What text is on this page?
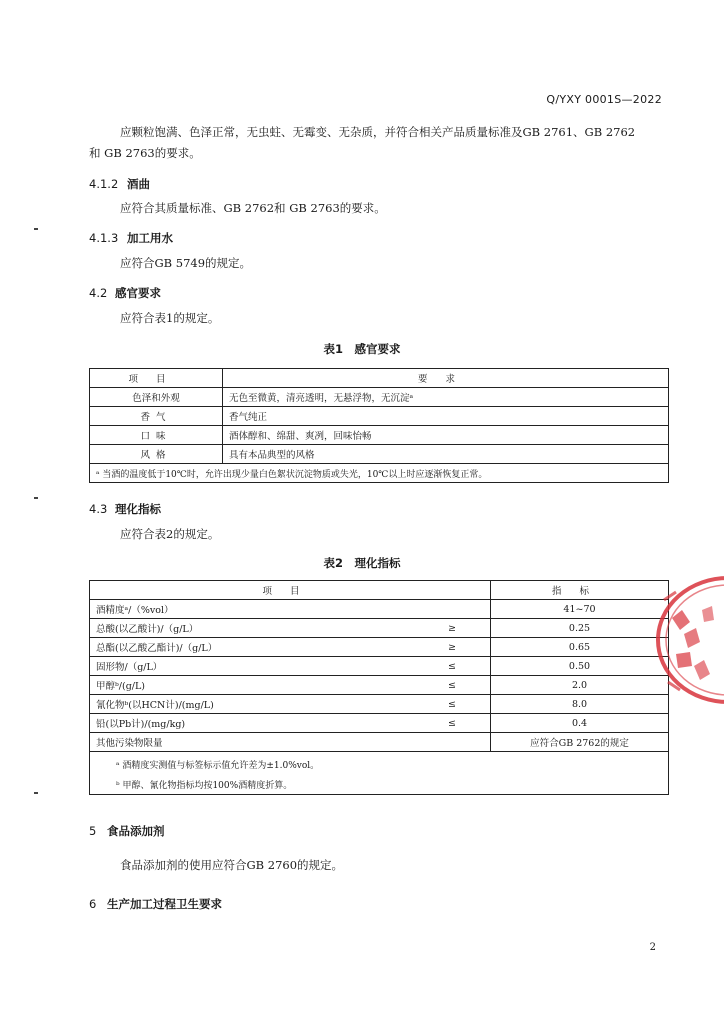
Q/YXY 0001S—2022
应颗粒饱满、色泽正常，无虫蛀、无霉变、无杂质，并符合相关产品质量标准及GB 2761、GB 2762
和 GB 2763的要求。
4.1.2 酒曲
应符合其质量标准、GB 2762和 GB 2763的要求。
4.1.3 加工用水
应符合GB 5749的规定。
4.2 感官要求
应符合表1的规定。
表1　感官要求
项目	要求
色泽和外观	无色至微黄，清亮透明，无悬浮物，无沉淀ᵃ
香气	香气纯正
口味	酒体醇和、绵甜、爽冽，回味怡畅
风格	具有本品典型的风格
ᵃ 当酒的温度低于10℃时，允许出现少量白色絮状沉淀物质或失光，10℃以上时应逐渐恢复正常。	
4.3 理化指标
应符合表2的规定。
表2　理化指标
项目		指标
酒精度ᵃ/（%vol）		41~70
总酸(以乙酸计)/（g/L）	≥	0.25
总酯(以乙酸乙酯计)/（g/L）	≥	0.65
固形物/（g/L）	≤	0.50
甲醇ᵇ/(g/L)	≤	2.0
氰化物ᵇ(以HCN计)/(mg/L)	≤	8.0
铅(以Pb计)/(mg/kg)	≤	0.4
其他污染物限量		应符合GB 2762的规定
ᵃ 酒精度实测值与标签标示值允许差为±1.0%vol。		
ᵇ 甲醇、氰化物指标均按100%酒精度折算。		
5 食品添加剂
食品添加剂的使用应符合GB 2760的规定。
6 生产加工过程卫生要求
2
